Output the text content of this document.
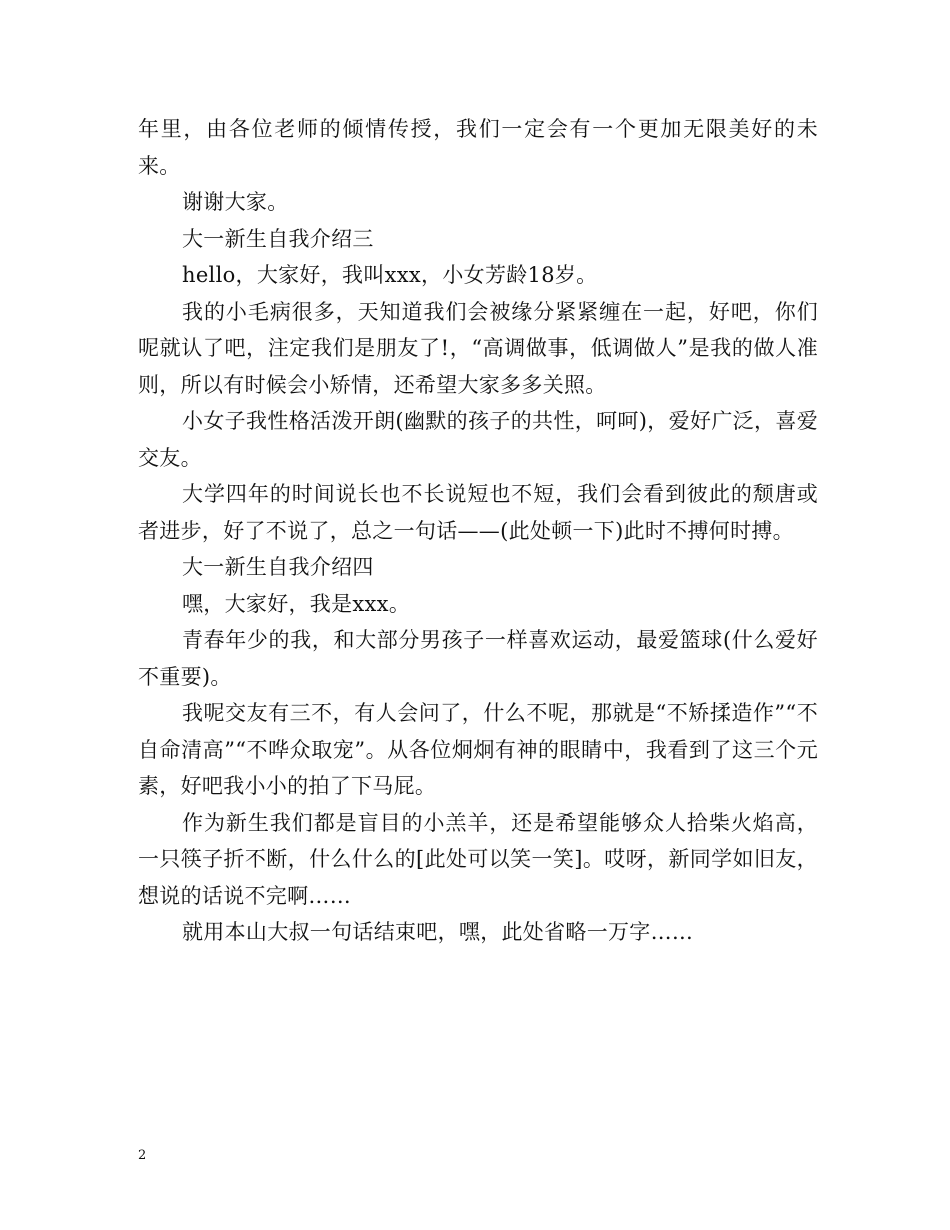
年里，由各位老师的倾情传授，我们一定会有一个更加无限美好的未来。

谢谢大家。

大一新生自我介绍三

hello，大家好，我叫xxx，小女芳龄18岁。

我的小毛病很多，天知道我们会被缘分紧紧缠在一起，好吧，你们呢就认了吧，注定我们是朋友了!，“高调做事，低调做人”是我的做人准则，所以有时候会小矫情，还希望大家多多关照。

小女子我性格活泼开朗(幽默的孩子的共性，呵呵)，爱好广泛，喜爱交友。

大学四年的时间说长也不长说短也不短，我们会看到彼此的颓唐或者进步，好了不说了，总之一句话——(此处顿一下)此时不搏何时搏。

大一新生自我介绍四

嘿，大家好，我是xxx。

青春年少的我，和大部分男孩子一样喜欢运动，最爱篮球(什么爱好不重要)。

我呢交友有三不，有人会问了，什么不呢，那就是“不矫揉造作”“不自命清高”“不哗众取宠”。从各位炯炯有神的眼睛中，我看到了这三个元素，好吧我小小的拍了下马屁。

作为新生我们都是盲目的小羔羊，还是希望能够众人拾柴火焰高，一只筷子折不断，什么什么的[此处可以笑一笑]。哎呀，新同学如旧友，想说的话说不完啊……

就用本山大叔一句话结束吧，嘿，此处省略一万字……

2
